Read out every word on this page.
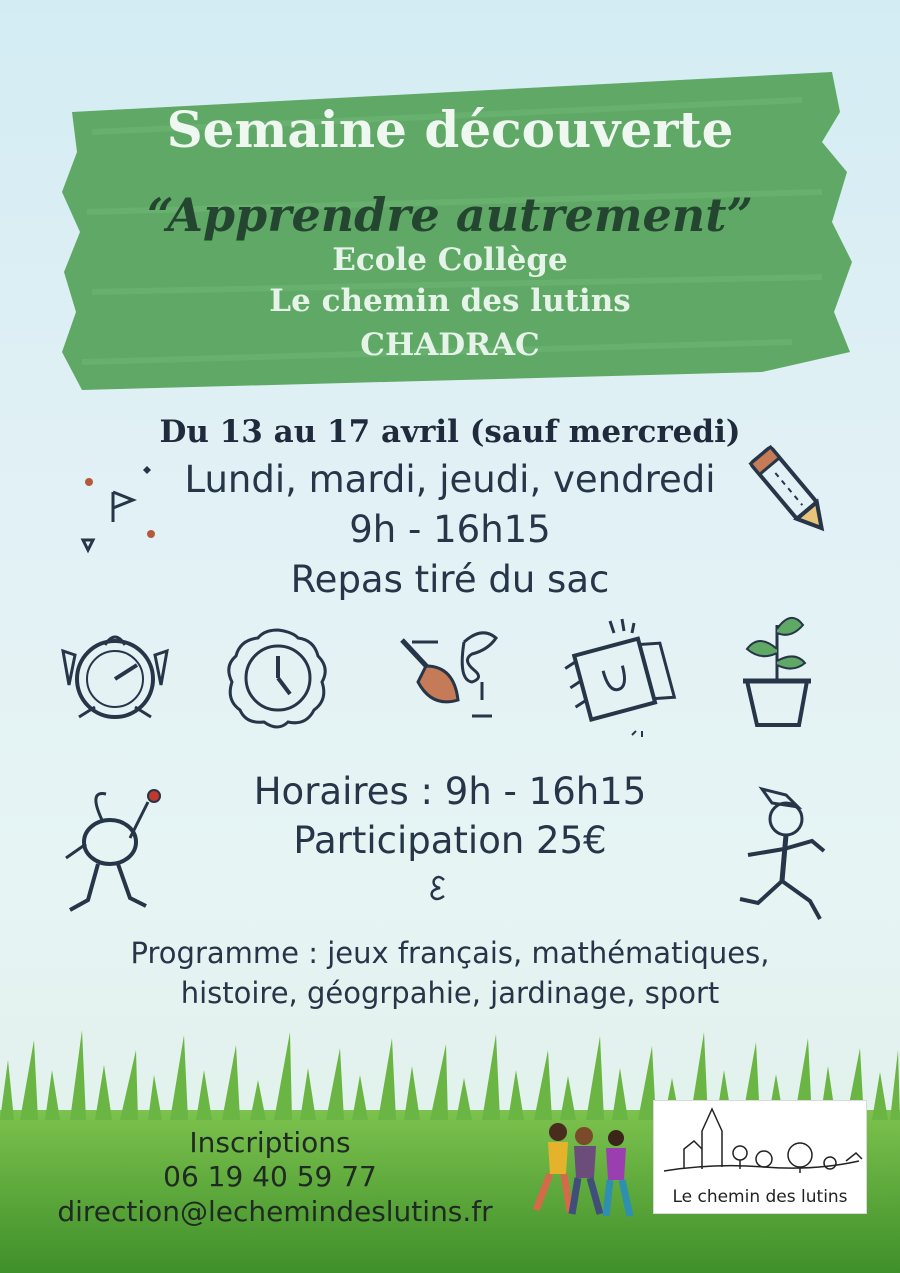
Semaine découverte
“Apprendre autrement”
Ecole Collège
Le chemin des lutins
CHADRAC
Du 13 au 17 avril (sauf mercredi)
Lundi, mardi, jeudi, vendredi
9h - 16h15
Repas tiré du sac
Horaires : 9h - 16h15
Participation 25€
Programme : jeux français, mathématiques,
histoire, géogrpahie, jardinage, sport
Inscriptions
06 19 40 59 77
direction@lechemindeslutins.fr	Le chemin des lutins
